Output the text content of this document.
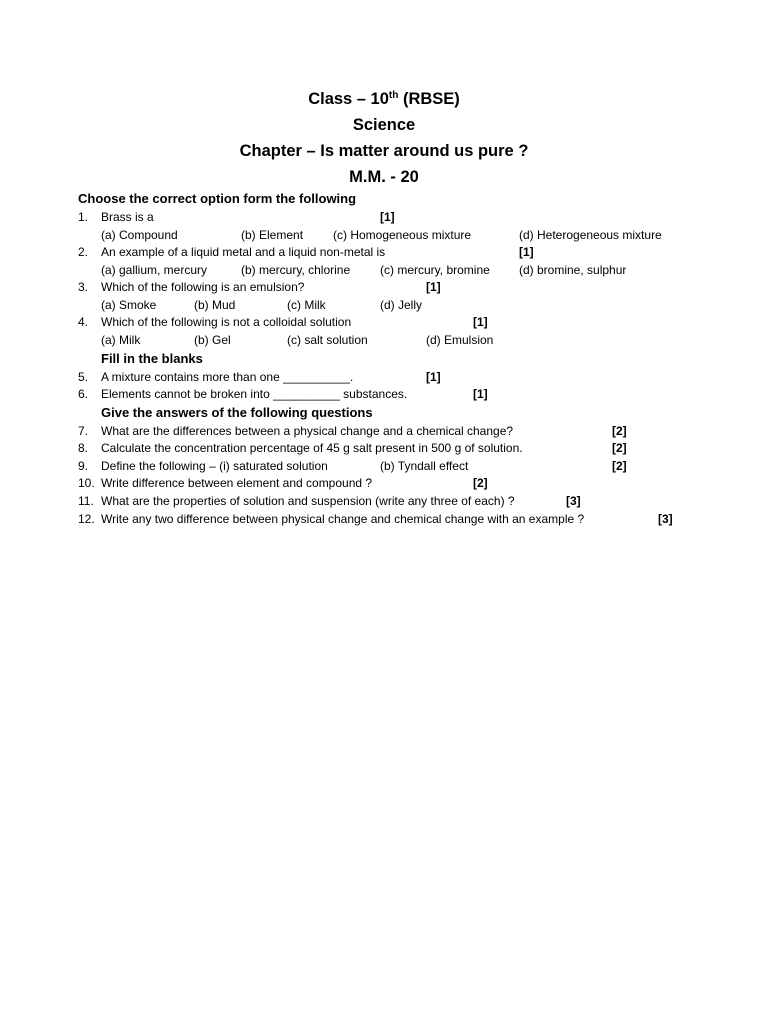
Class – 10th (RBSE)
Science
Chapter – Is matter around us pure ?
M.M. - 20
Choose the correct option form the following
1. Brass is a	[1]
(a) Compound	(b) Element (c) Homogeneous mixture	(d) Heterogeneous mixture
2. An example of a liquid metal and a liquid non-metal is	[1]
(a) gallium, mercury	(b) mercury, chlorine (c) mercury, bromine (d) bromine, sulphur
3. Which of the following is an emulsion?	[1]
(a) Smoke	(b) Mud	(c) Milk	(d) Jelly
4. Which of the following is not a colloidal solution	[1]
(a) Milk	(b) Gel	(c) salt solution	(d) Emulsion
Fill in the blanks
5. A mixture contains more than one __________.	[1]
6. Elements cannot be broken into __________ substances.	[1]
Give the answers of the following questions
7. What are the differences between a physical change and a chemical change?	[2]
8. Calculate the concentration percentage of 45 g salt present in 500 g of solution.	[2]
9. Define the following – (i) saturated solution	(b) Tyndall effect	[2]
10. Write difference between element and compound ?	[2]
11. What are the properties of solution and suspension (write any three of each) ?	[3]
12. Write any two difference between physical change and chemical change with an example ?	[3]
